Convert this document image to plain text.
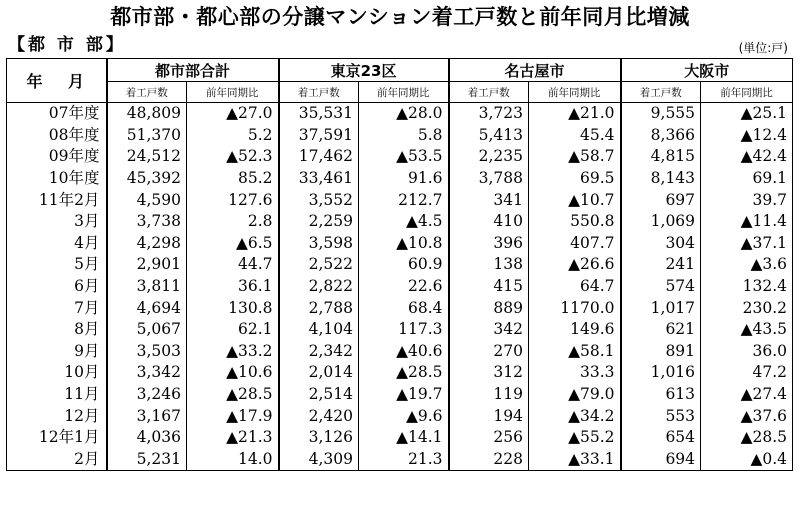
都市部・都心部の分譲マンション着工戸数と前年同月比増減
【都 市 部】	(単位:戸)
年 月	都市部合計		東京23区		名古屋市		大阪市	
	着工戸数	前年同期比	着工戸数	前年同期比	着工戸数	前年同期比	着工戸数	前年同期比
07年度	48,809	▲27.0	35,531	▲28.0	3,723	▲21.0	9,555	▲25.1
08年度	51,370	5.2	37,591	5.8	5,413	45.4	8,366	▲12.4
09年度	24,512	▲52.3	17,462	▲53.5	2,235	▲58.7	4,815	▲42.4
10年度	45,392	85.2	33,461	91.6	3,788	69.5	8,143	69.1
11年2月	4,590	127.6	3,552	212.7	341	▲10.7	697	39.7
3月	3,738	2.8	2,259	▲4.5	410	550.8	1,069	▲11.4
4月	4,298	▲6.5	3,598	▲10.8	396	407.7	304	▲37.1
5月	2,901	44.7	2,522	60.9	138	▲26.6	241	▲3.6
6月	3,811	36.1	2,822	22.6	415	64.7	574	132.4
7月	4,694	130.8	2,788	68.4	889	1170.0	1,017	230.2
8月	5,067	62.1	4,104	117.3	342	149.6	621	▲43.5
9月	3,503	▲33.2	2,342	▲40.6	270	▲58.1	891	36.0
10月	3,342	▲10.6	2,014	▲28.5	312	33.3	1,016	47.2
11月	3,246	▲28.5	2,514	▲19.7	119	▲79.0	613	▲27.4
12月	3,167	▲17.9	2,420	▲9.6	194	▲34.2	553	▲37.6
12年1月	4,036	▲21.3	3,126	▲14.1	256	▲55.2	654	▲28.5
2月	5,231	14.0	4,309	21.3	228	▲33.1	694	▲0.4
